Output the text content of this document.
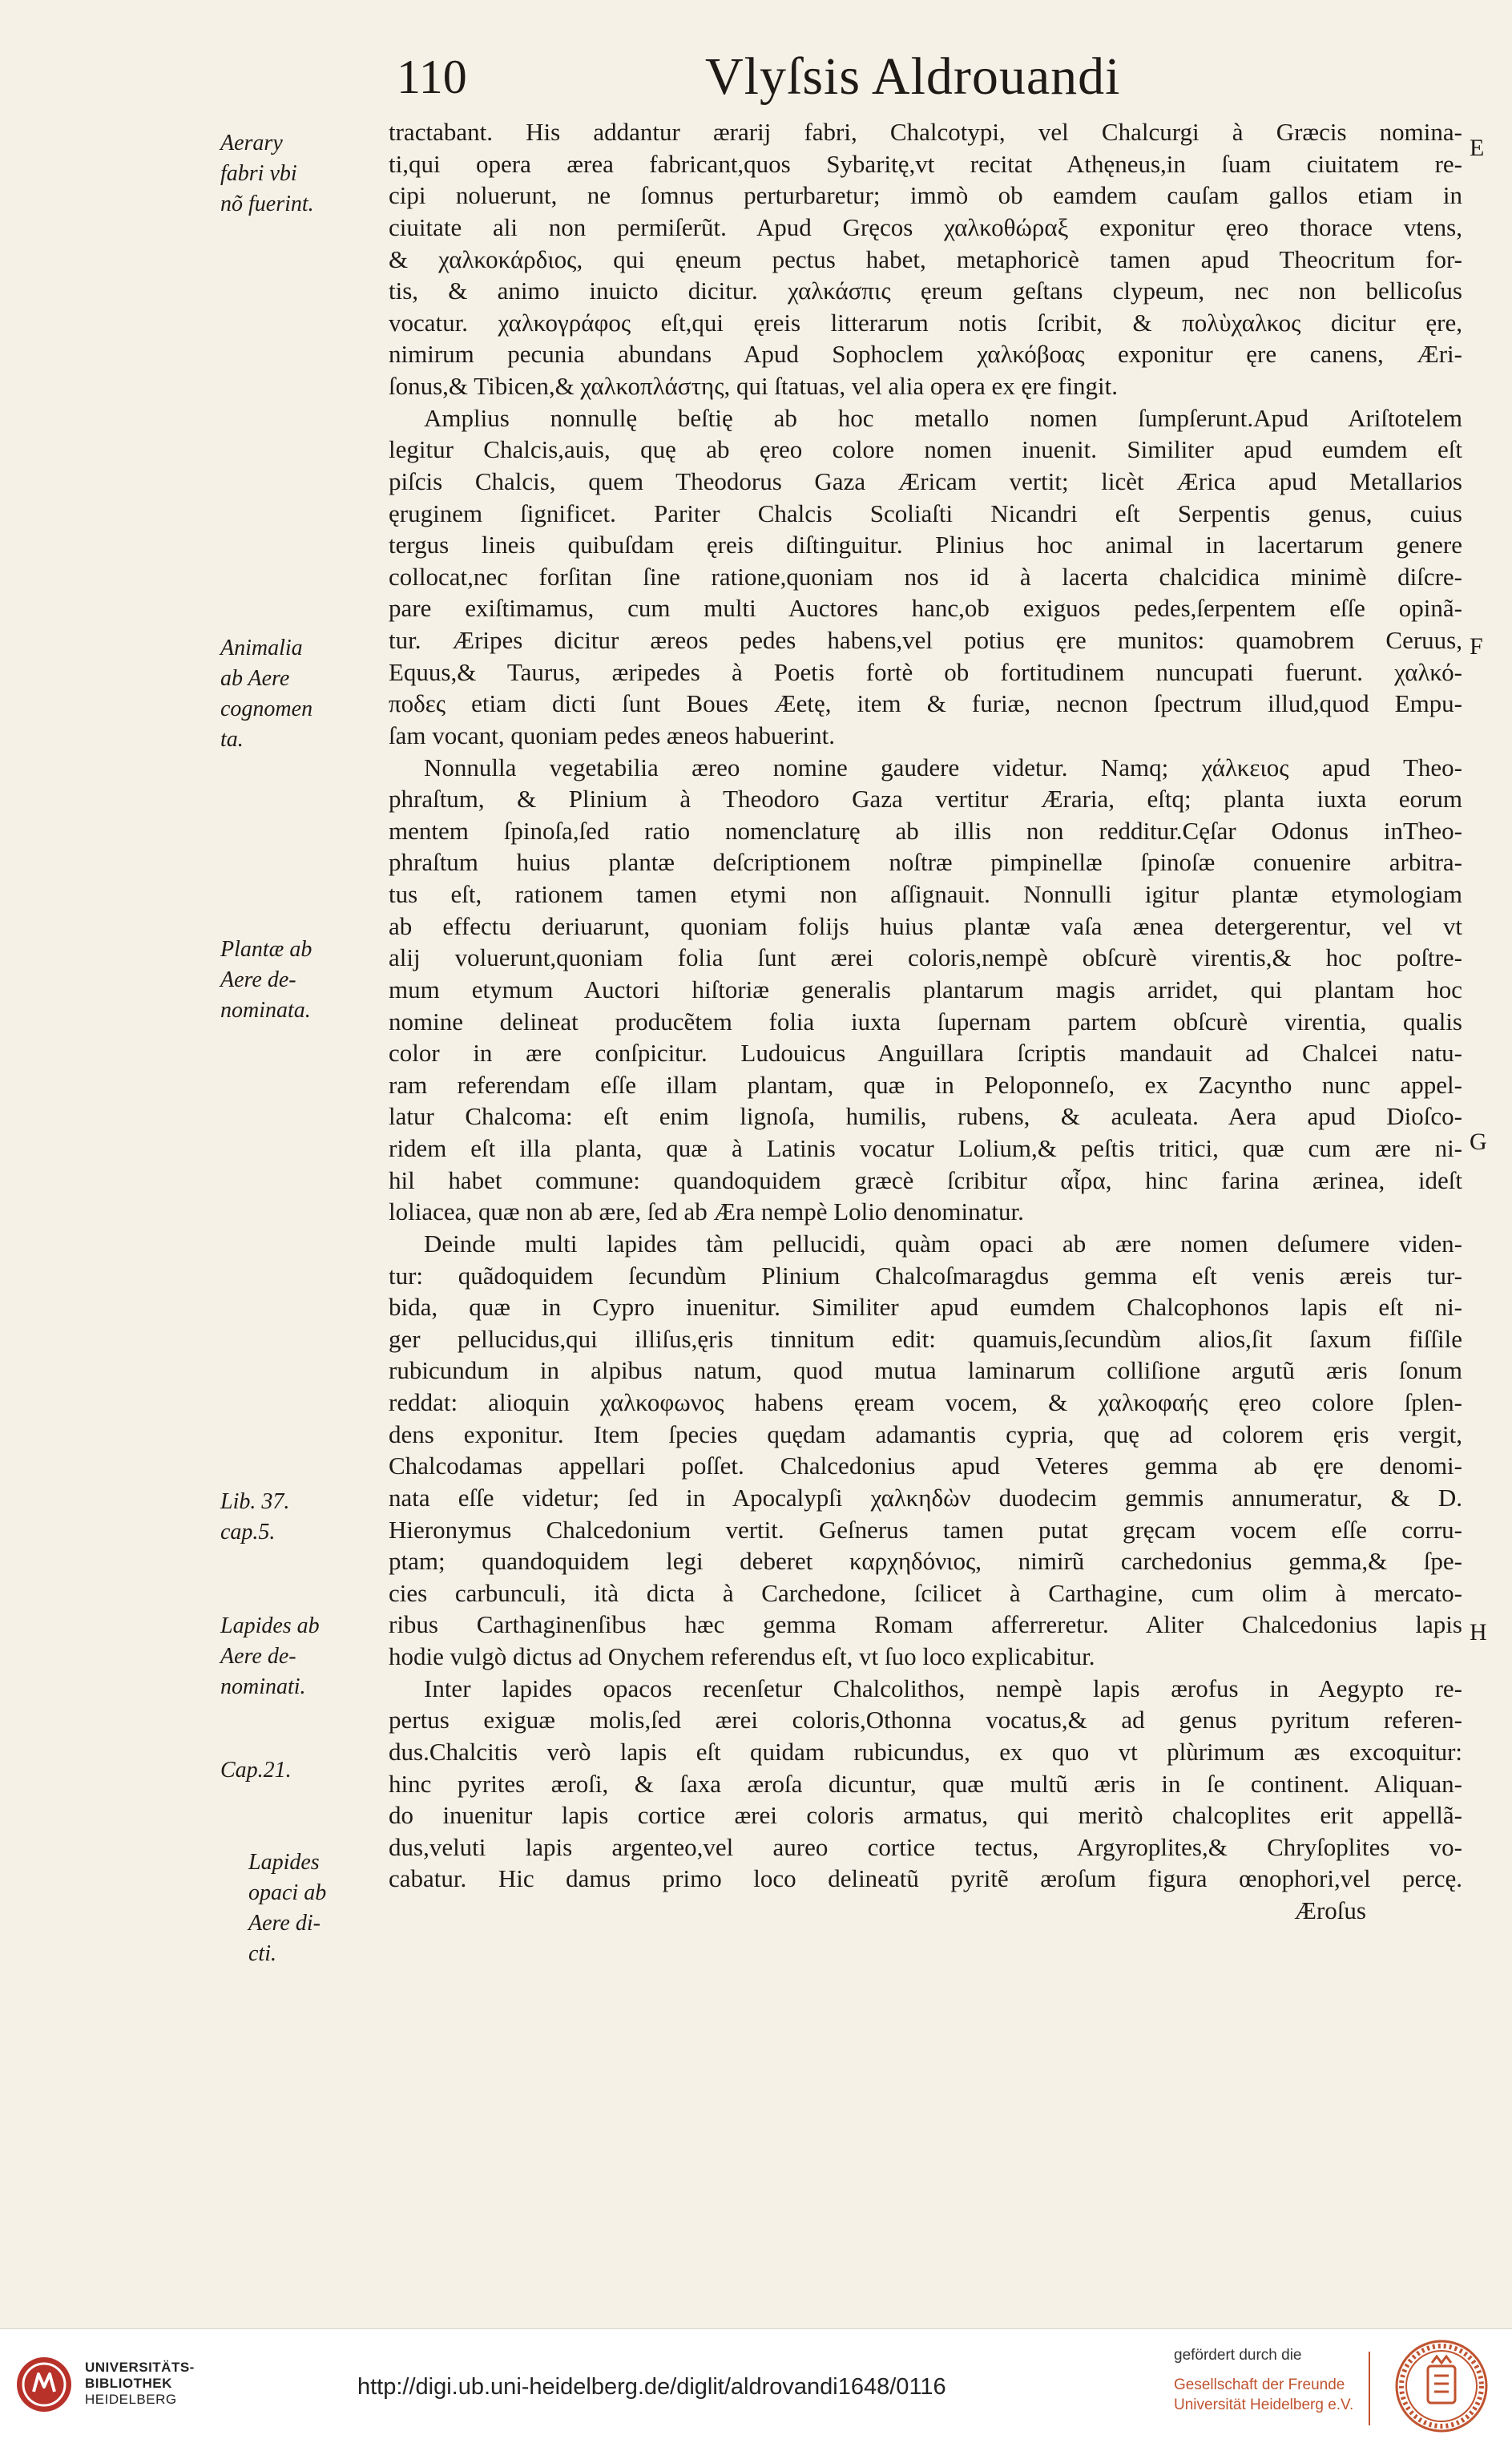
110	Vlyſsis Aldrouandi
Aerary
fabri vbi
nõ fuerint.
Animalia
ab Aere
cognomen
ta.
Plantæ ab
Aere de-
nominata.
Lib. 37.
cap.5.
Lapides ab
Aere de-
nominati.
Cap.21.
Lapides
opaci ab
Aere di-
cti.
E
F
G
H
tractabant. His addantur ærarij fabri, Chalcotypi, vel Chalcurgi à Græcis nomina-
ti,qui opera ærea fabricant,quos Sybaritę,vt recitat Athęneus,in ſuam ciuitatem re-
cipi noluerunt, ne ſomnus perturbaretur; immò ob eamdem cauſam gallos etiam in
ciuitate ali non permiſerũt. Apud Gręcos χαλκοθώραξ exponitur ęreo thorace vtens,
& χαλκοκάρδιος, qui ęneum pectus habet, metaphoricè tamen apud Theocritum for-
tis, & animo inuicto dicitur. χαλκάσπις ęreum geſtans clypeum, nec non bellicoſus
vocatur. χαλκογράφος eſt,qui ęreis litterarum notis ſcribit, & πολὺχαλκος dicitur ęre,
nimirum pecunia abundans Apud Sophoclem χαλκόβοας exponitur ęre canens, Æri-
ſonus,& Tibicen,& χαλκοπλάστης, qui ſtatuas, vel alia opera ex ęre fingit.
Amplius nonnullę beſtię ab hoc metallo nomen ſumpſerunt.Apud Ariſtotelem
legitur Chalcis,auis, quę ab ęreo colore nomen inuenit. Similiter apud eumdem eſt
piſcis Chalcis, quem Theodorus Gaza Æricam vertit; licèt Ærica apud Metallarios
ęruginem ſignificet. Pariter Chalcis Scoliaſti Nicandri eſt Serpentis genus, cuius
tergus lineis quibuſdam ęreis diſtinguitur. Plinius hoc animal in lacertarum genere
collocat,nec forſitan ſine ratione,quoniam nos id à lacerta chalcidica minimè diſcre-
pare exiſtimamus, cum multi Auctores hanc,ob exiguos pedes,ſerpentem eſſe opinã-
tur. Æripes dicitur æreos pedes habens,vel potius ęre munitos: quamobrem Ceruus,
Equus,& Taurus, æripedes à Poetis fortè ob fortitudinem nuncupati fuerunt. χαλκό-
ποδες etiam dicti ſunt Boues Æetę, item & furiæ, necnon ſpectrum illud,quod Empu-
ſam vocant, quoniam pedes æneos habuerint.
Nonnulla vegetabilia æreo nomine gaudere videtur. Namq; χάλκειος apud Theo-
phraſtum, & Plinium à Theodoro Gaza vertitur Æraria, eſtq; planta iuxta eorum
mentem ſpinoſa,ſed ratio nomenclaturę ab illis non redditur.Cęſar Odonus inTheo-
phraſtum huius plantæ deſcriptionem noſtræ pimpinellæ ſpinoſæ conuenire arbitra-
tus eſt, rationem tamen etymi non aſſignauit. Nonnulli igitur plantæ etymologiam
ab effectu deriuarunt, quoniam folijs huius plantæ vaſa ænea detergerentur, vel vt
alij voluerunt,quoniam folia ſunt ærei coloris,nempè obſcurè virentis,& hoc poſtre-
mum etymum Auctori hiſtoriæ generalis plantarum magis arridet, qui plantam hoc
nomine delineat producẽtem folia iuxta ſupernam partem obſcurè virentia, qualis
color in ære conſpicitur. Ludouicus Anguillara ſcriptis mandauit ad Chalcei natu-
ram referendam eſſe illam plantam, quæ in Peloponneſo, ex Zacyntho nunc appel-
latur Chalcoma: eſt enim lignoſa, humilis, rubens, & aculeata. Aera apud Dioſco-
ridem eſt illa planta, quæ à Latinis vocatur Lolium,& peſtis tritici, quæ cum ære ni-
hil habet commune: quandoquidem græcè ſcribitur αἶρα, hinc farina ærinea, ideſt
loliacea, quæ non ab ære, ſed ab Æra nempè Lolio denominatur.
Deinde multi lapides tàm pellucidi, quàm opaci ab ære nomen deſumere viden-
tur: quãdoquidem ſecundùm Plinium Chalcoſmaragdus gemma eſt venis æreis tur-
bida, quæ in Cypro inuenitur. Similiter apud eumdem Chalcophonos lapis eſt ni-
ger pellucidus,qui illiſus,ęris tinnitum edit: quamuis,ſecundùm alios,ſit ſaxum fiſſile
rubicundum in alpibus natum, quod mutua laminarum colliſione argutũ æris ſonum
reddat: alioquin χαλκοφωνος habens ęream vocem, & χαλκοφαής ęreo colore ſplen-
dens exponitur. Item ſpecies quędam adamantis cypria, quę ad colorem ęris vergit,
Chalcodamas appellari poſſet. Chalcedonius apud Veteres gemma ab ęre denomi-
nata eſſe videtur; ſed in Apocalypſi χαλκηδὼν duodecim gemmis annumeratur, & D.
Hieronymus Chalcedonium vertit. Geſnerus tamen putat gręcam vocem eſſe corru-
ptam; quandoquidem legi deberet καρχηδόνιος, nimirũ carchedonius gemma,& ſpe-
cies carbunculi, ità dicta à Carchedone, ſcilicet à Carthagine, cum olim à mercato-
ribus Carthaginenſibus hæc gemma Romam afferreretur. Aliter Chalcedonius lapis
hodie vulgò dictus ad Onychem referendus eſt, vt ſuo loco explicabitur.
Inter lapides opacos recenſetur Chalcolithos, nempè lapis ærofus in Aegypto re-
pertus exiguæ molis,ſed ærei coloris,Othonna vocatus,& ad genus pyritum referen-
dus.Chalcitis verò lapis eſt quidam rubicundus, ex quo vt plùrimum æs excoquitur:
hinc pyrites æroſi, & ſaxa æroſa dicuntur, quæ multũ æris in ſe continent. Aliquan-
do inuenitur lapis cortice ærei coloris armatus, qui meritò chalcoplites erit appellã-
dus,veluti lapis argenteo,vel aureo cortice tectus, Argyroplites,& Chryſoplites vo-
cabatur. Hic damus primo loco delineatũ pyritẽ æroſum figura œnophori,vel percę.
Æroſus
UNIVERSITÄTS-
BIBLIOTHEK
HEIDELBERG	http://digi.ub.uni-heidelberg.de/diglit/aldrovandi1648/0116
gefördert durch die
Gesellschaft der Freunde
Universität Heidelberg e.V.
